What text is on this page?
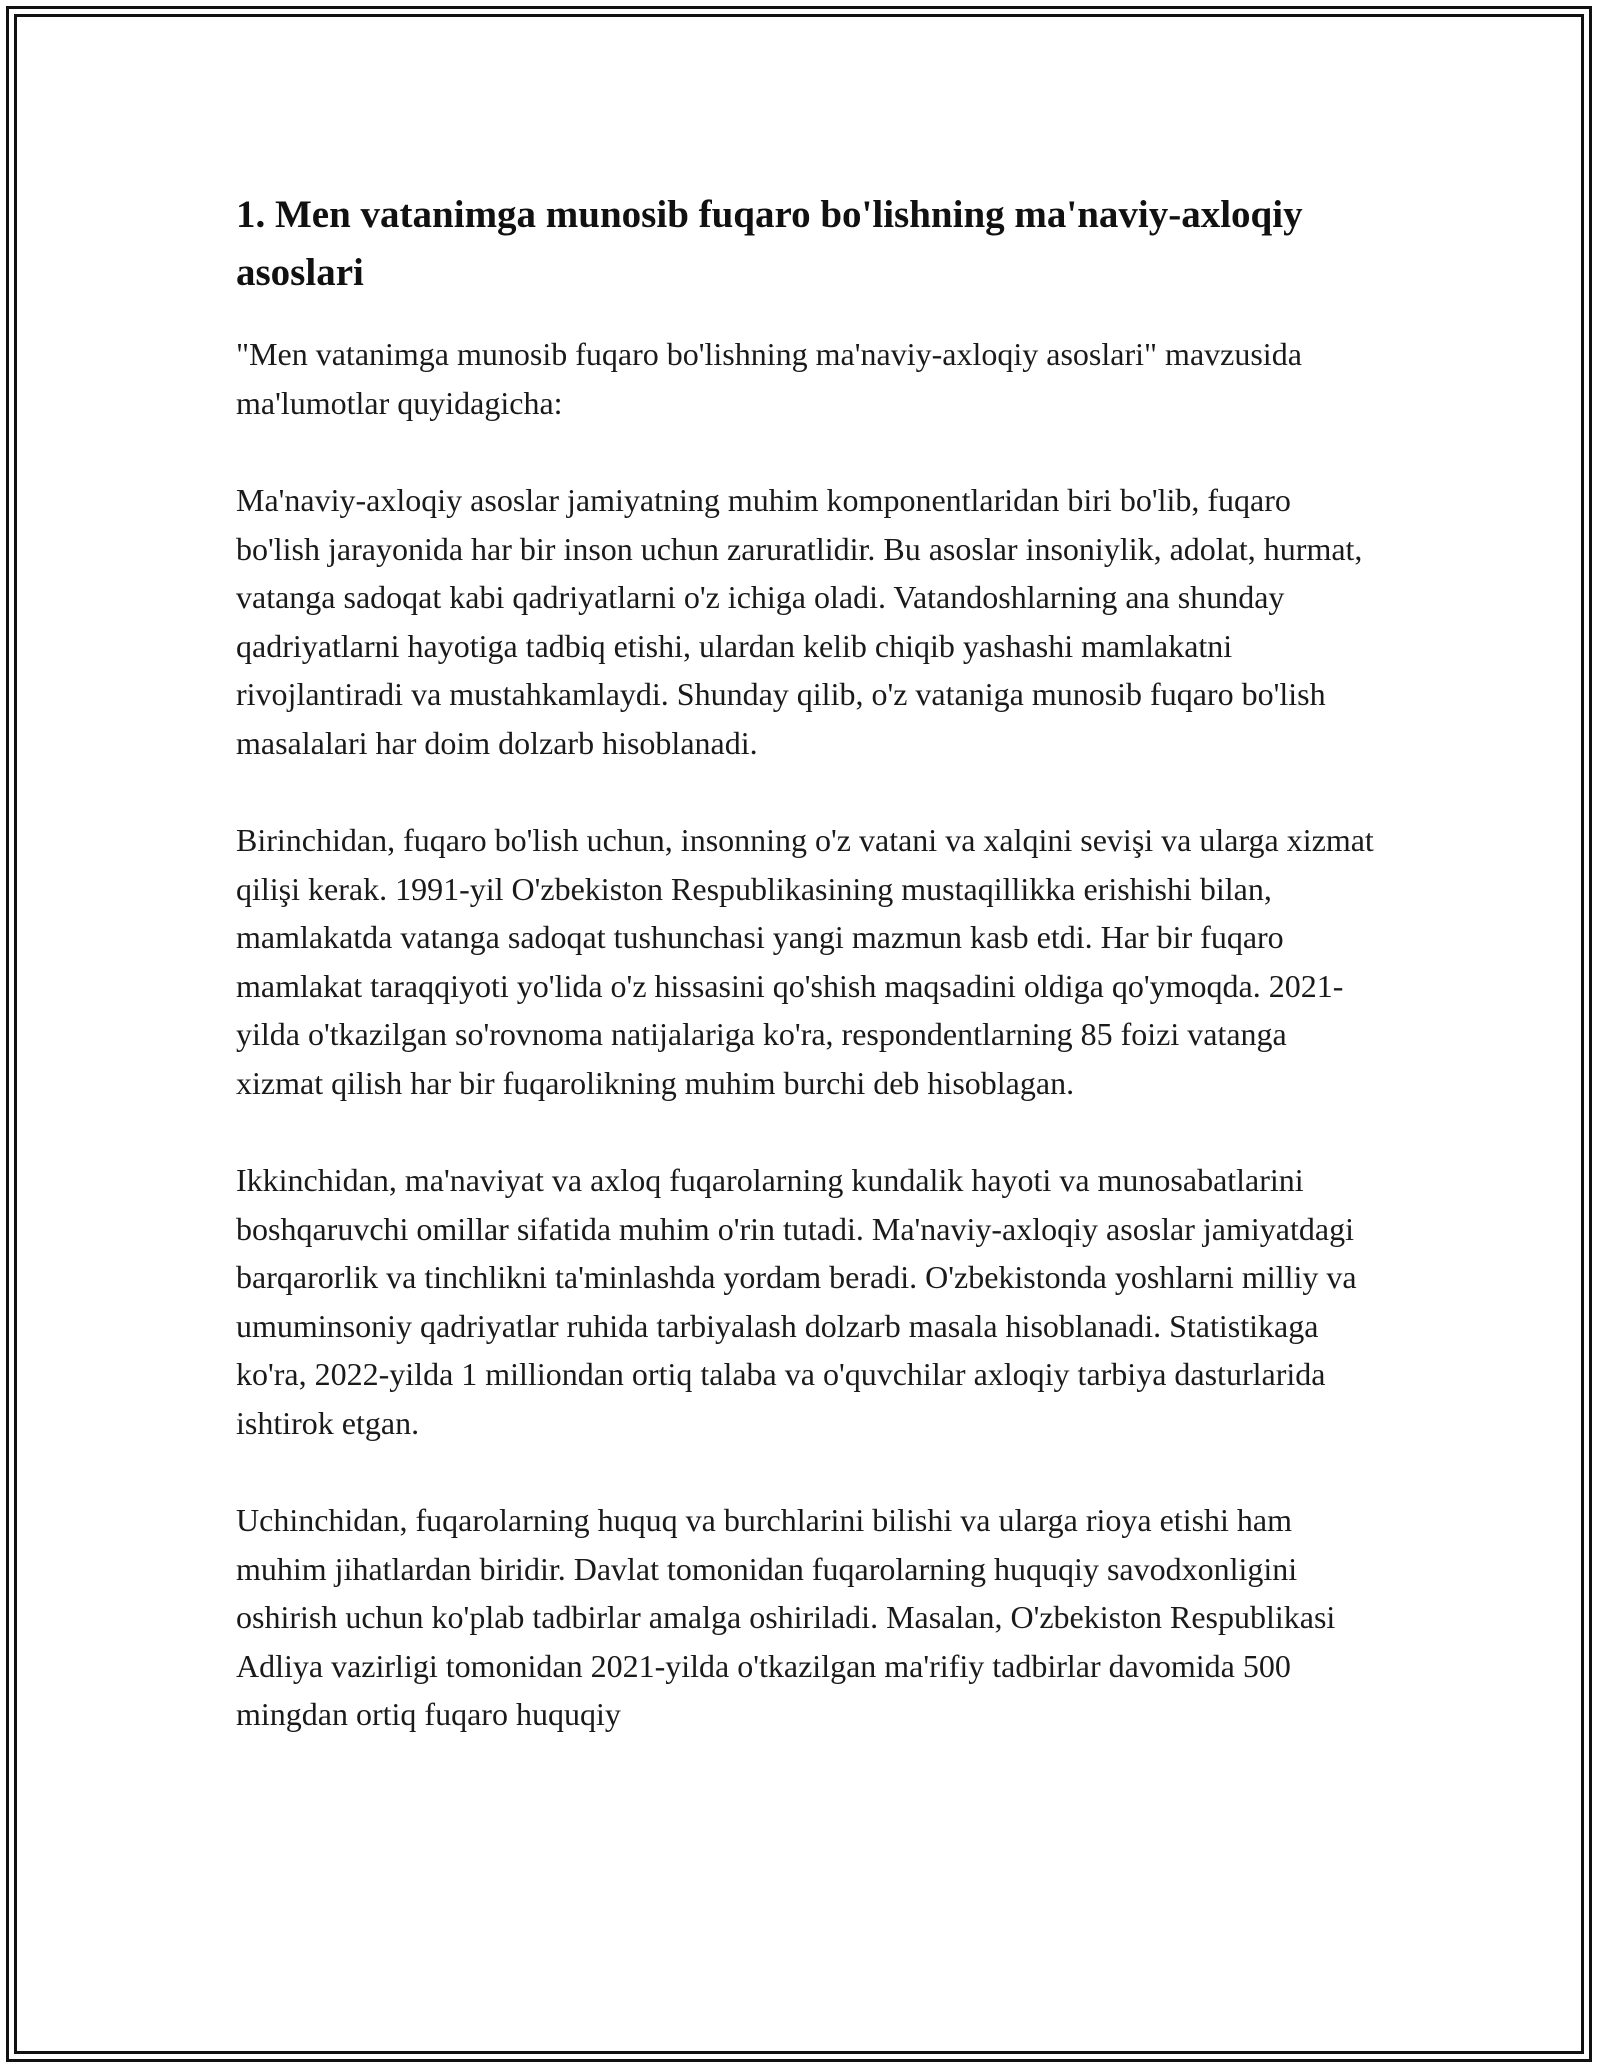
1. Men vatanimga munosib fuqaro bo'lishning ma'naviy-axloqiy asoslari

"Men vatanimga munosib fuqaro bo'lishning ma'naviy-axloqiy asoslari" mavzusida ma'lumotlar quyidagicha:

Ma'naviy-axloqiy asoslar jamiyatning muhim komponentlaridan biri bo'lib, fuqaro bo'lish jarayonida har bir inson uchun zaruratlidir. Bu asoslar insoniylik, adolat, hurmat, vatanga sadoqat kabi qadriyatlarni o'z ichiga oladi. Vatandoshlarning ana shunday qadriyatlarni hayotiga tadbiq etishi, ulardan kelib chiqib yashashi mamlakatni rivojlantiradi va mustahkamlaydi. Shunday qilib, o'z vataniga munosib fuqaro bo'lish masalalari har doim dolzarb hisoblanadi.

Birinchidan, fuqaro bo'lish uchun, insonning o'z vatani va xalqini sevişi va ularga xizmat qilişi kerak. 1991-yil O'zbekiston Respublikasining mustaqillikka erishishi bilan, mamlakatda vatanga sadoqat tushunchasi yangi mazmun kasb etdi. Har bir fuqaro mamlakat taraqqiyoti yo'lida o'z hissasini qo'shish maqsadini oldiga qo'ymoqda. 2021-yilda o'tkazilgan so'rovnoma natijalariga ko'ra, respondentlarning 85 foizi vatanga xizmat qilish har bir fuqarolikning muhim burchi deb hisoblagan.

Ikkinchidan, ma'naviyat va axloq fuqarolarning kundalik hayoti va munosabatlarini boshqaruvchi omillar sifatida muhim o'rin tutadi. Ma'naviy-axloqiy asoslar jamiyatdagi barqarorlik va tinchlikni ta'minlashda yordam beradi. O'zbekistonda yoshlarni milliy va umuminsoniy qadriyatlar ruhida tarbiyalash dolzarb masala hisoblanadi. Statistikaga ko'ra, 2022-yilda 1 milliondan ortiq talaba va o'quvchilar axloqiy tarbiya dasturlarida ishtirok etgan.

Uchinchidan, fuqarolarning huquq va burchlarini bilishi va ularga rioya etishi ham muhim jihatlardan biridir. Davlat tomonidan fuqarolarning huquqiy savodxonligini oshirish uchun ko'plab tadbirlar amalga oshiriladi. Masalan, O'zbekiston Respublikasi Adliya vazirligi tomonidan 2021-yilda o'tkazilgan ma'rifiy tadbirlar davomida 500 mingdan ortiq fuqaro huquqiy
